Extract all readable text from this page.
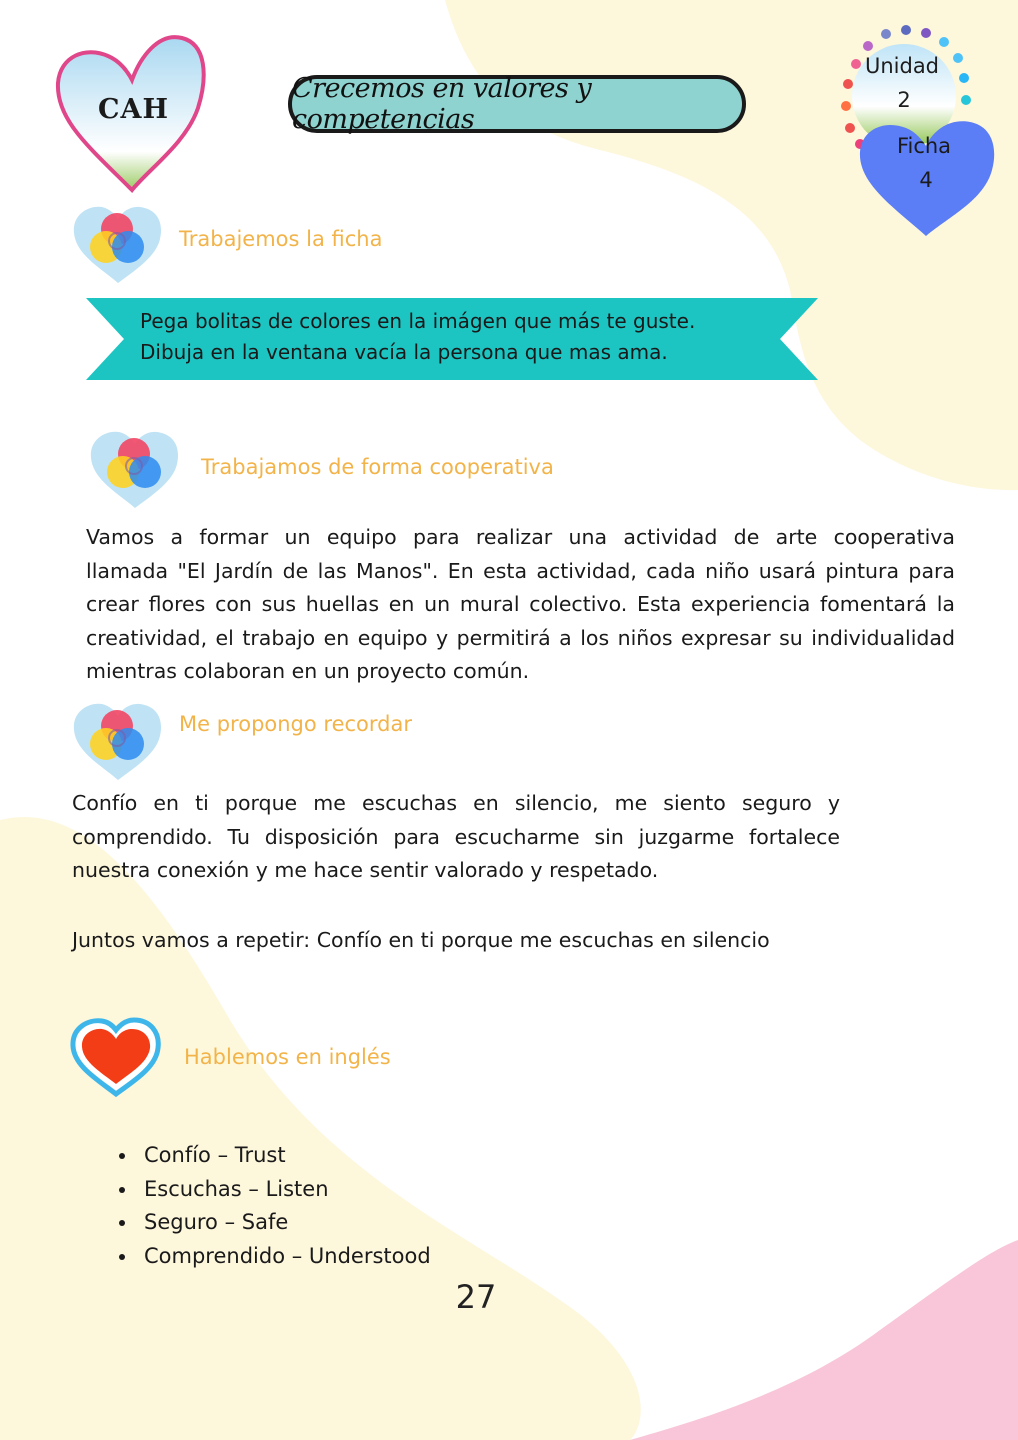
CAH
Crecemos en valores y competencias
Unidad
2
Ficha
4
Trabajemos la ficha
Pega bolitas de colores en la imágen que más te guste.
Dibuja en la ventana vacía la persona que mas ama.
Trabajamos de forma cooperativa
Vamos a formar un equipo para realizar una actividad de arte cooperativa
llamada "El Jardín de las Manos". En esta actividad, cada niño usará pintura para
crear flores con sus huellas en un mural colectivo. Esta experiencia fomentará la
creatividad, el trabajo en equipo y permitirá a los niños expresar su individualidad
mientras colaboran en un proyecto común.
Me propongo recordar
Confío en ti porque me escuchas en silencio, me siento seguro y
comprendido. Tu disposición para escucharme sin juzgarme fortalece
nuestra conexión y me hace sentir valorado y respetado.
Juntos vamos a repetir: Confío en ti porque me escuchas en silencio
Hablemos en inglés
• Confío – Trust
• Escuchas – Listen
• Seguro – Safe
• Comprendido – Understood
27
